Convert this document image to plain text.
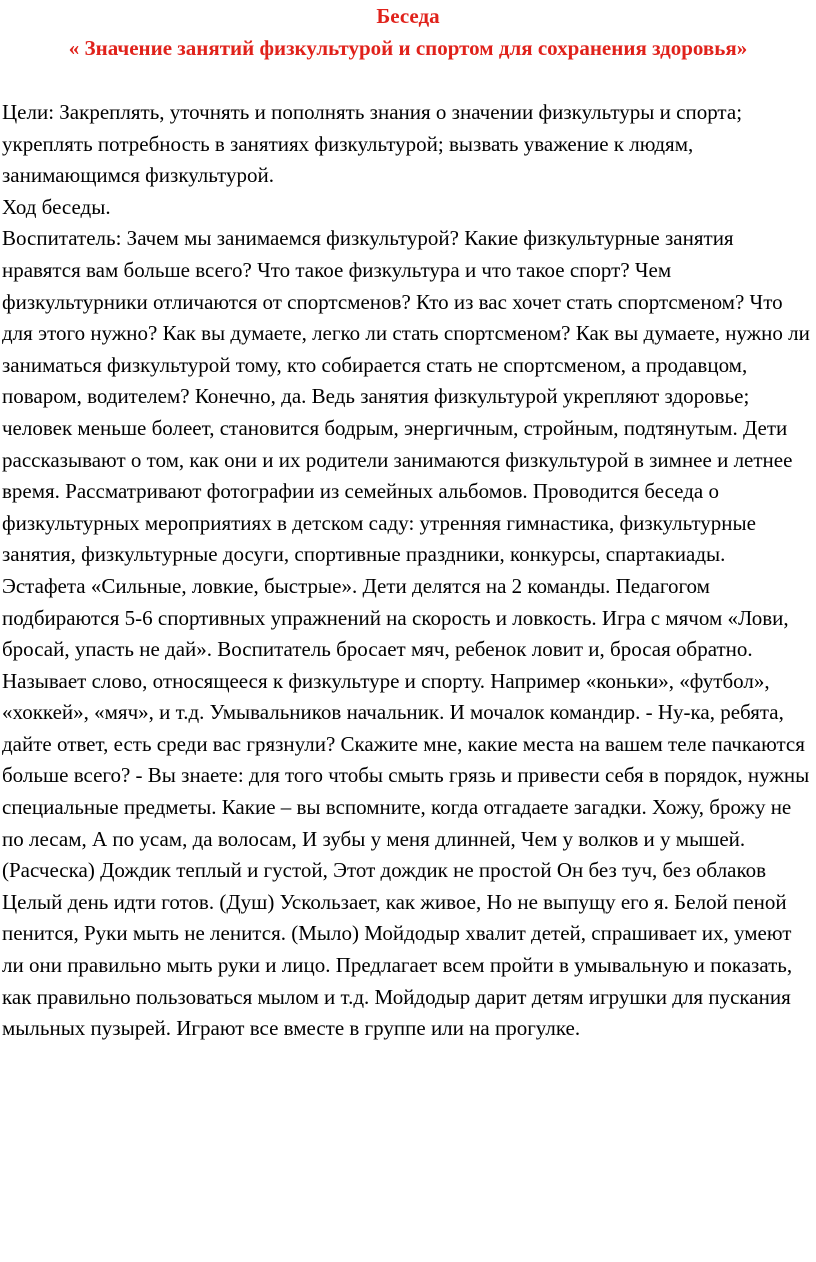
Беседа
« Значение занятий физкультурой и спортом для сохранения здоровья»

Цели: Закреплять, уточнять и пополнять знания о значении физкультуры и спорта; укреплять потребность в занятиях физкультурой; вызвать уважение к людям, занимающимся физкультурой.

Ход беседы.

Воспитатель: Зачем мы занимаемся физкультурой? Какие физкультурные занятия нравятся вам больше всего? Что такое физкультура и что такое спорт? Чем физкультурники отличаются от спортсменов? Кто из вас хочет стать спортсменом? Что для этого нужно? Как вы думаете, легко ли стать спортсменом? Как вы думаете, нужно ли заниматься физкультурой тому, кто собирается стать не спортсменом, а продавцом, поваром, водителем? Конечно, да. Ведь занятия физкультурой укрепляют здоровье; человек меньше болеет, становится бодрым, энергичным, стройным, подтянутым. Дети рассказывают о том, как они и их родители занимаются физкультурой в зимнее и летнее время. Рассматривают фотографии из семейных альбомов. Проводится беседа о физкультурных мероприятиях в детском саду: утренняя гимнастика, физкультурные занятия, физкультурные досуги, спортивные праздники, конкурсы, спартакиады. Эстафета «Сильные, ловкие, быстрые». Дети делятся на 2 команды. Педагогом подбираются 5-6 спортивных упражнений на скорость и ловкость. Игра с мячом «Лови, бросай, упасть не дай». Воспитатель бросает мяч, ребенок ловит и, бросая обратно. Называет слово, относящееся к физкультуре и спорту. Например «коньки», «футбол», «хоккей», «мяч», и т.д. Умывальников начальник. И мочалок командир. - Ну-ка, ребята, дайте ответ, есть среди вас грязнули? Скажите мне, какие места на вашем теле пачкаются больше всего? - Вы знаете: для того чтобы смыть грязь и привести себя в порядок, нужны специальные предметы. Какие – вы вспомните, когда отгадаете загадки. Хожу, брожу не по лесам, А по усам, да волосам, И зубы у меня длинней, Чем у волков и у мышей. (Расческа) Дождик теплый и густой, Этот дождик не простой Он без туч, без облаков Целый день идти готов. (Душ) Ускользает, как живое, Но не выпущу его я. Белой пеной пенится, Руки мыть не ленится. (Мыло) Мойдодыр хвалит детей, спрашивает их, умеют ли они правильно мыть руки и лицо. Предлагает всем пройти в умывальную и показать, как правильно пользоваться мылом и т.д. Мойдодыр дарит детям игрушки для пускания мыльных пузырей. Играют все вместе в группе или на прогулке.
